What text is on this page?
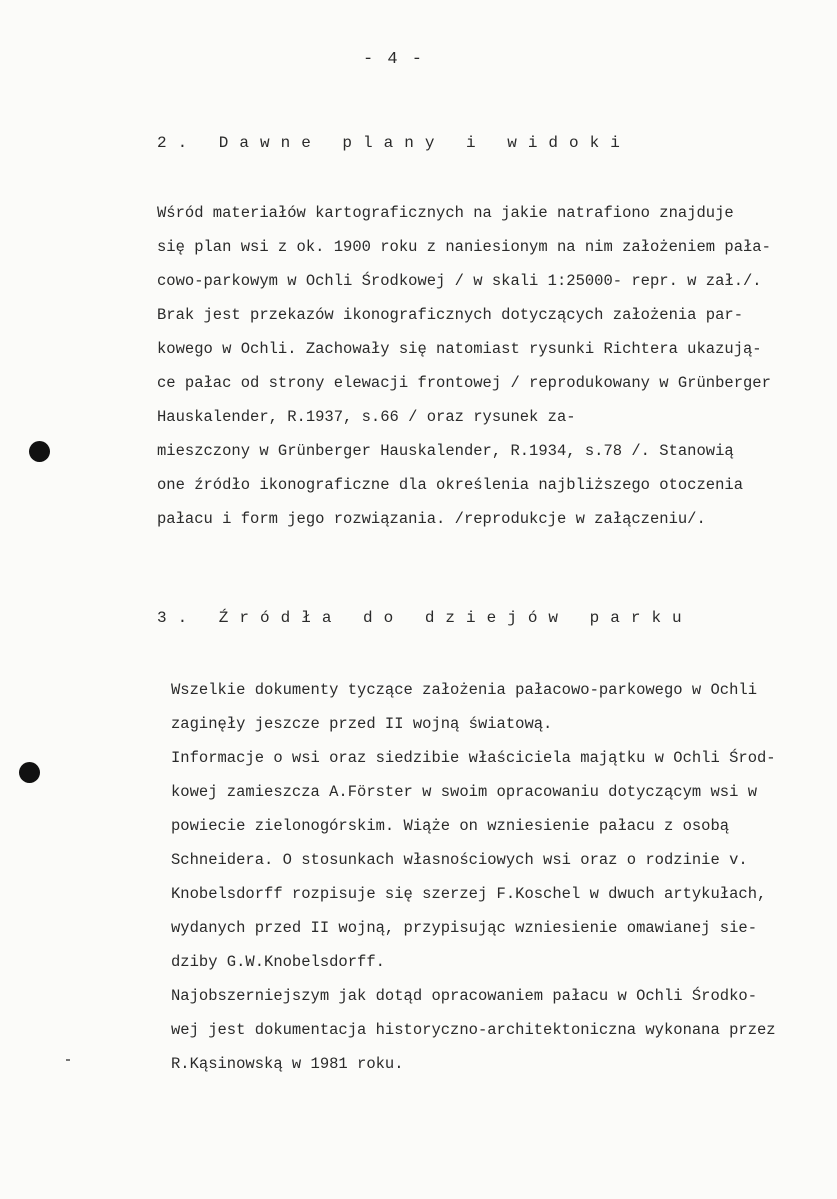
- 4 -
2. Dawne plany i widoki
Wśród materiałów kartograficznych na jakie natrafiono znajduje
się plan wsi z ok. 1900 roku z naniesionym na nim założeniem pała-
cowo-parkowym w Ochli Środkowej / w skali 1:25000- repr. w zał./.
Brak jest przekazów ikonograficznych dotyczących założenia par-
kowego w Ochli. Zachowały się natomiast rysunki Richtera ukazują-
ce pałac od strony elewacji frontowej / reprodukowany w Grünberger
Hauskalender, R.1937, s.66 / oraz rysunek za-
mieszczony w Grünberger Hauskalender, R.1934, s.78 /. Stanowią
one źródło ikonograficzne dla określenia najbliższego otoczenia
pałacu i form jego rozwiązania. /reprodukcje w załączeniu/.
3. Źródła do dziejów parku
Wszelkie dokumenty tyczące założenia pałacowo-parkowego w Ochli
zaginęły jeszcze przed II wojną światową.
Informacje o wsi oraz siedzibie właściciela majątku w Ochli Środ-
kowej zamieszcza A.Förster w swoim opracowaniu dotyczącym wsi w
powiecie zielonogórskim. Wiąże on wzniesienie pałacu z osobą
Schneidera. O stosunkach własnościowych wsi oraz o rodzinie v.
Knobelsdorff rozpisuje się szerzej F.Koschel w dwuch artykułach,
wydanych przed II wojną, przypisując wzniesienie omawianej sie-
dziby G.W.Knobelsdorff.
Najobszerniejszym jak dotąd opracowaniem pałacu w Ochli Środko-
wej jest dokumentacja historyczno-architektoniczna wykonana przez
R.Kąsinowską w 1981 roku.
